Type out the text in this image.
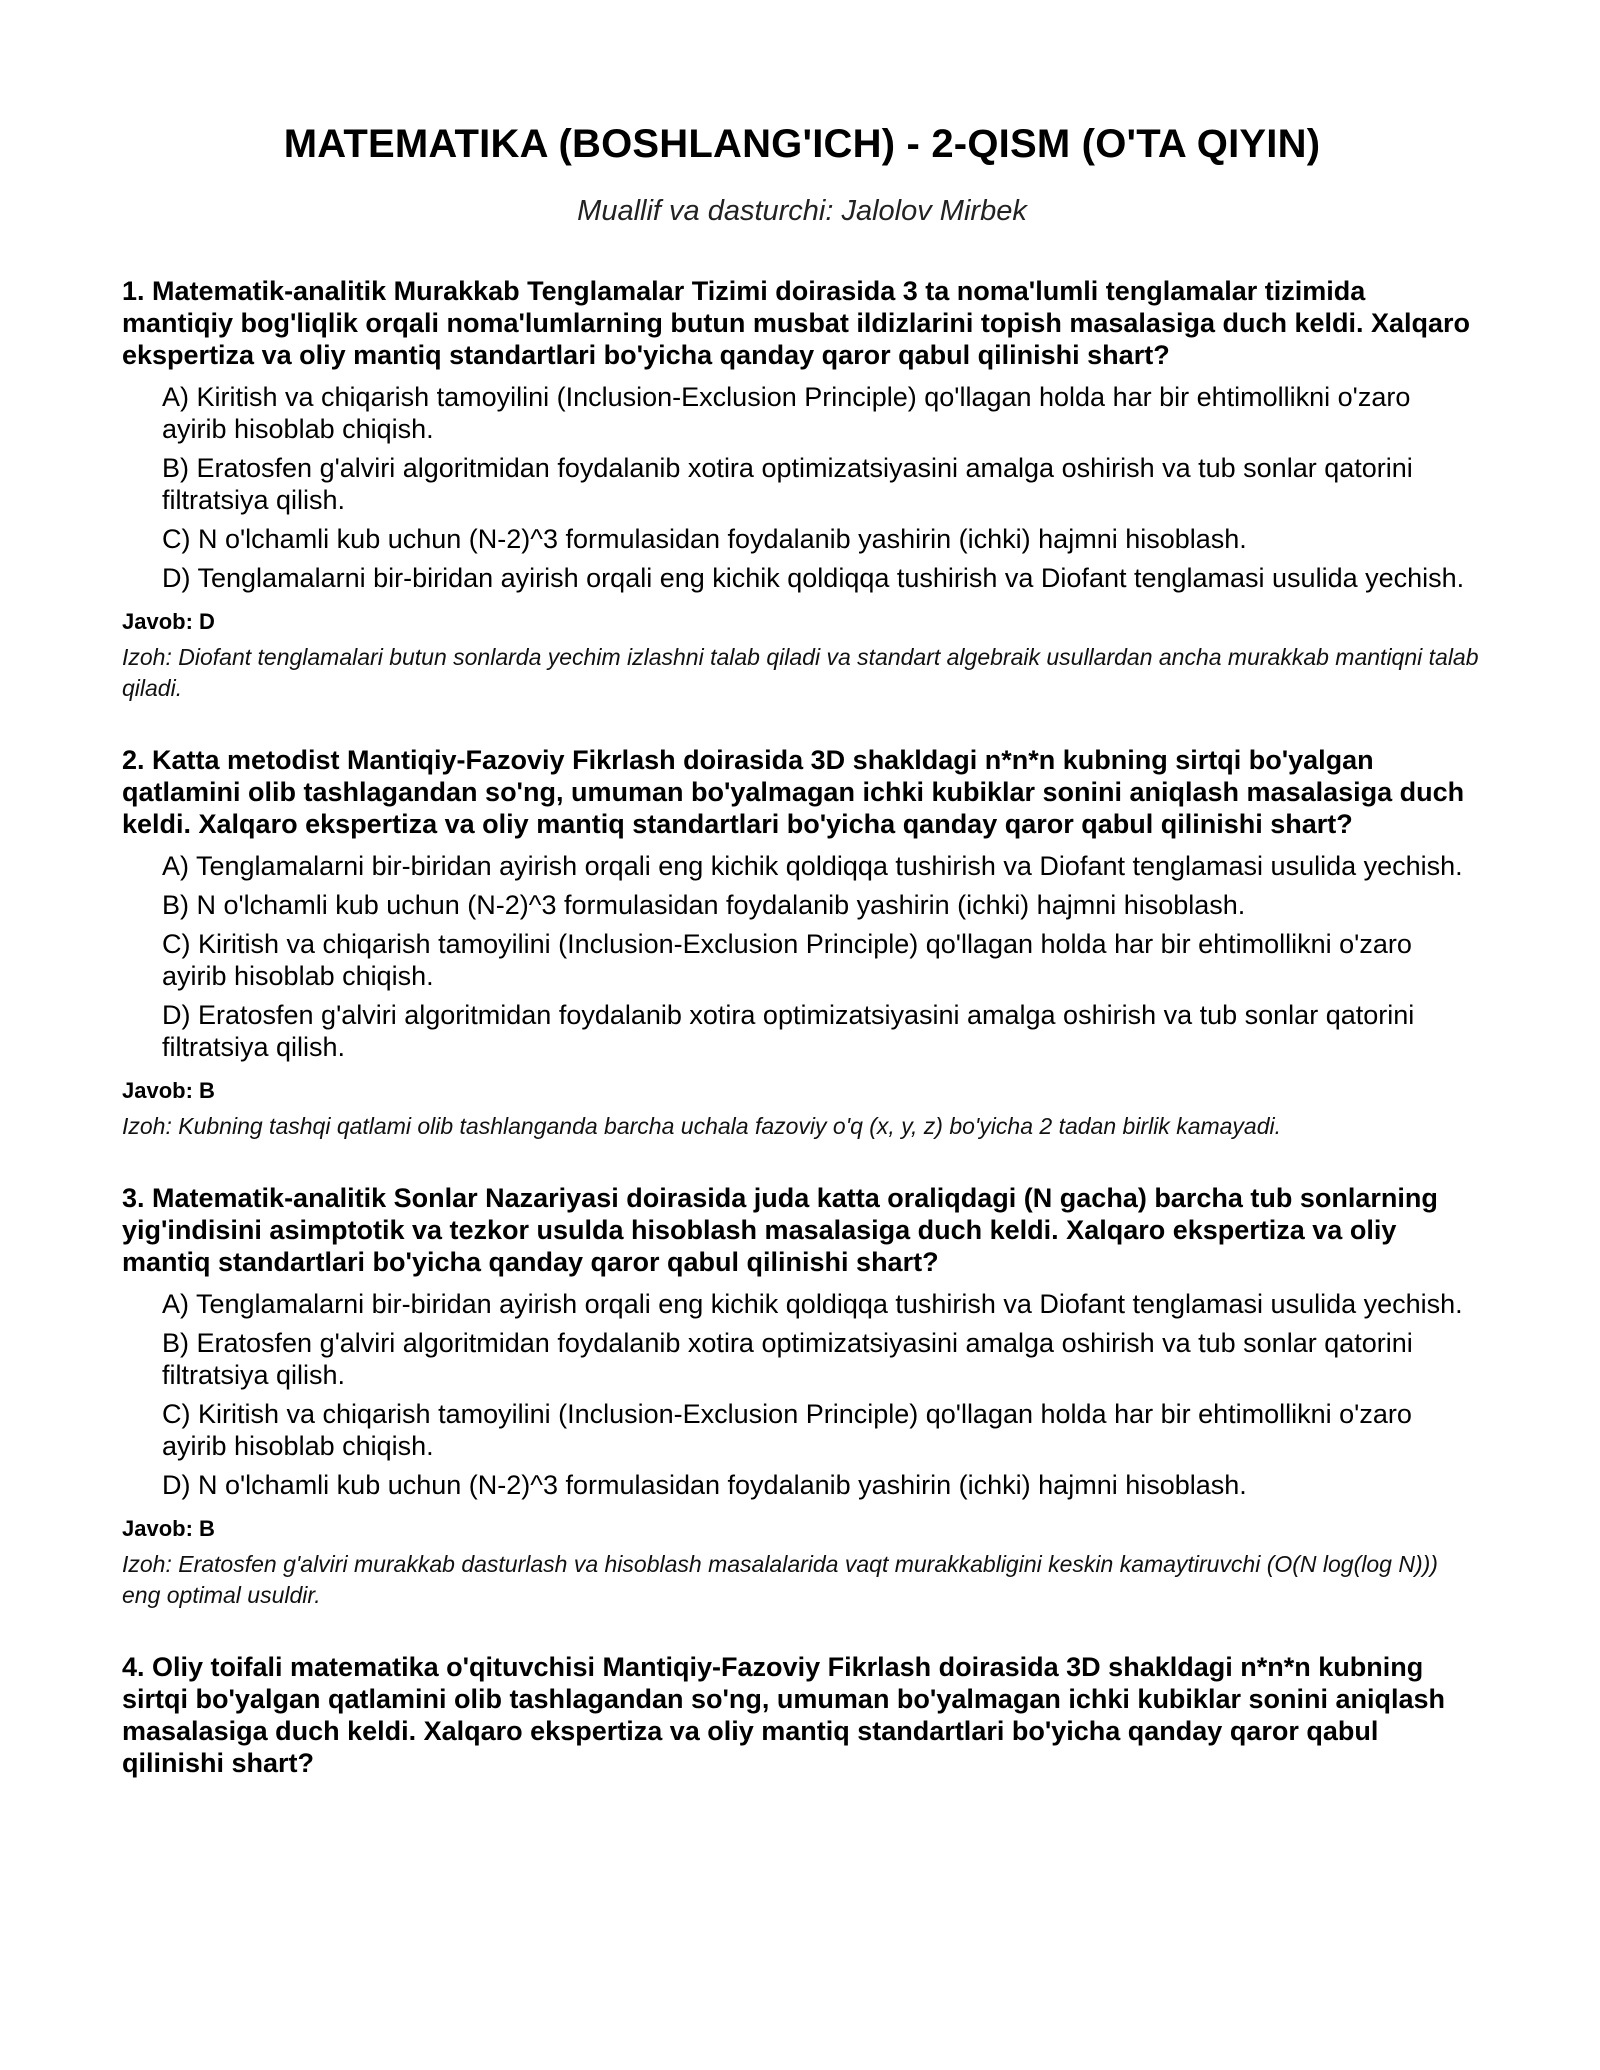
MATEMATIKA (BOSHLANG'ICH) - 2-QISM (O'TA QIYIN)

Muallif va dasturchi: Jalolov Mirbek

1. Matematik-analitik Murakkab Tenglamalar Tizimi doirasida 3 ta noma'lumli tenglamalar tizimida mantiqiy bog'liqlik orqali noma'lumlarning butun musbat ildizlarini topish masalasiga duch keldi. Xalqaro ekspertiza va oliy mantiq standartlari bo'yicha qanday qaror qabul qilinishi shart?

A) Kiritish va chiqarish tamoyilini (Inclusion-Exclusion Principle) qo'llagan holda har bir ehtimollikni o'zaro ayirib hisoblab chiqish.
B) Eratosfen g'alviri algoritmidan foydalanib xotira optimizatsiyasini amalga oshirish va tub sonlar qatorini filtratsiya qilish.
C) N o'lchamli kub uchun (N-2)^3 formulasidan foydalanib yashirin (ichki) hajmni hisoblash.
D) Tenglamalarni bir-biridan ayirish orqali eng kichik qoldiqqa tushirish va Diofant tenglamasi usulida yechish.

Javob: D

Izoh: Diofant tenglamalari butun sonlarda yechim izlashni talab qiladi va standart algebraik usullardan ancha murakkab mantiqni talab qiladi.

2. Katta metodist Mantiqiy-Fazoviy Fikrlash doirasida 3D shakldagi n*n*n kubning sirtqi bo'yalgan qatlamini olib tashlagandan so'ng, umuman bo'yalmagan ichki kubiklar sonini aniqlash masalasiga duch keldi. Xalqaro ekspertiza va oliy mantiq standartlari bo'yicha qanday qaror qabul qilinishi shart?

A) Tenglamalarni bir-biridan ayirish orqali eng kichik qoldiqqa tushirish va Diofant tenglamasi usulida yechish.
B) N o'lchamli kub uchun (N-2)^3 formulasidan foydalanib yashirin (ichki) hajmni hisoblash.
C) Kiritish va chiqarish tamoyilini (Inclusion-Exclusion Principle) qo'llagan holda har bir ehtimollikni o'zaro ayirib hisoblab chiqish.
D) Eratosfen g'alviri algoritmidan foydalanib xotira optimizatsiyasini amalga oshirish va tub sonlar qatorini filtratsiya qilish.

Javob: B

Izoh: Kubning tashqi qatlami olib tashlanganda barcha uchala fazoviy o'q (x, y, z) bo'yicha 2 tadan birlik kamayadi.

3. Matematik-analitik Sonlar Nazariyasi doirasida juda katta oraliqdagi (N gacha) barcha tub sonlarning yig'indisini asimptotik va tezkor usulda hisoblash masalasiga duch keldi. Xalqaro ekspertiza va oliy mantiq standartlari bo'yicha qanday qaror qabul qilinishi shart?

A) Tenglamalarni bir-biridan ayirish orqali eng kichik qoldiqqa tushirish va Diofant tenglamasi usulida yechish.
B) Eratosfen g'alviri algoritmidan foydalanib xotira optimizatsiyasini amalga oshirish va tub sonlar qatorini filtratsiya qilish.
C) Kiritish va chiqarish tamoyilini (Inclusion-Exclusion Principle) qo'llagan holda har bir ehtimollikni o'zaro ayirib hisoblab chiqish.
D) N o'lchamli kub uchun (N-2)^3 formulasidan foydalanib yashirin (ichki) hajmni hisoblash.

Javob: B

Izoh: Eratosfen g'alviri murakkab dasturlash va hisoblash masalalarida vaqt murakkabligini keskin kamaytiruvchi (O(N log(log N))) eng optimal usuldir.

4. Oliy toifali matematika o'qituvchisi Mantiqiy-Fazoviy Fikrlash doirasida 3D shakldagi n*n*n kubning sirtqi bo'yalgan qatlamini olib tashlagandan so'ng, umuman bo'yalmagan ichki kubiklar sonini aniqlash masalasiga duch keldi. Xalqaro ekspertiza va oliy mantiq standartlari bo'yicha qanday qaror qabul qilinishi shart?
